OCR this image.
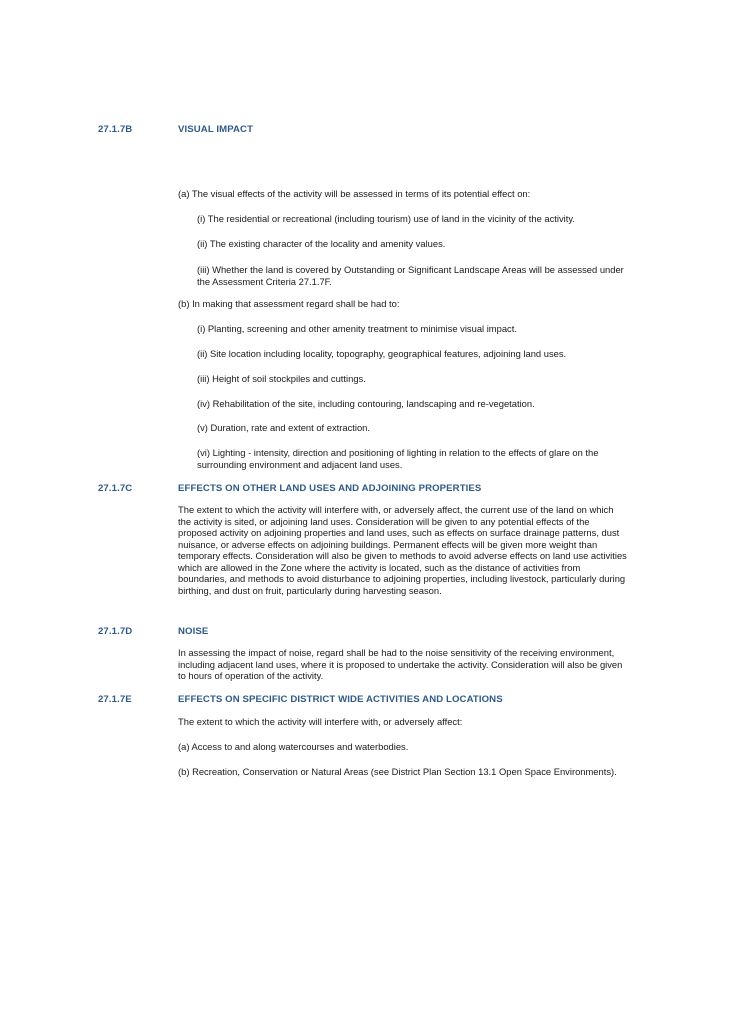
27.1.7B	VISUAL IMPACT

(a) The visual effects of the activity will be assessed in terms of its potential effect on:

(i) The residential or recreational (including tourism) use of land in the vicinity of the activity.

(ii) The existing character of the locality and amenity values.

(iii) Whether the land is covered by Outstanding or Significant Landscape Areas will be assessed under the Assessment Criteria 27.1.7F.

(b) In making that assessment regard shall be had to:

(i) Planting, screening and other amenity treatment to minimise visual impact.

(ii) Site location including locality, topography, geographical features, adjoining land uses.

(iii) Height of soil stockpiles and cuttings.

(iv) Rehabilitation of the site, including contouring, landscaping and re-vegetation.

(v) Duration, rate and extent of extraction.

(vi) Lighting - intensity, direction and positioning of lighting in relation to the effects of glare on the surrounding environment and adjacent land uses.

27.1.7C	EFFECTS ON OTHER LAND USES AND ADJOINING PROPERTIES

The extent to which the activity will interfere with, or adversely affect, the current use of the land on which the activity is sited, or adjoining land uses. Consideration will be given to any potential effects of the proposed activity on adjoining properties and land uses, such as effects on surface drainage patterns, dust nuisance, or adverse effects on adjoining buildings. Permanent effects will be given more weight than temporary effects. Consideration will also be given to methods to avoid adverse effects on land use activities which are allowed in the Zone where the activity is located, such as the distance of activities from boundaries, and methods to avoid disturbance to adjoining properties, including livestock, particularly during birthing, and dust on fruit, particularly during harvesting season.

27.1.7D	NOISE

In assessing the impact of noise, regard shall be had to the noise sensitivity of the receiving environment, including adjacent land uses, where it is proposed to undertake the activity. Consideration will also be given to hours of operation of the activity.

27.1.7E	EFFECTS ON SPECIFIC DISTRICT WIDE ACTIVITIES AND LOCATIONS

The extent to which the activity will interfere with, or adversely affect:

(a) Access to and along watercourses and waterbodies.

(b) Recreation, Conservation or Natural Areas (see District Plan Section 13.1 Open Space Environments).
